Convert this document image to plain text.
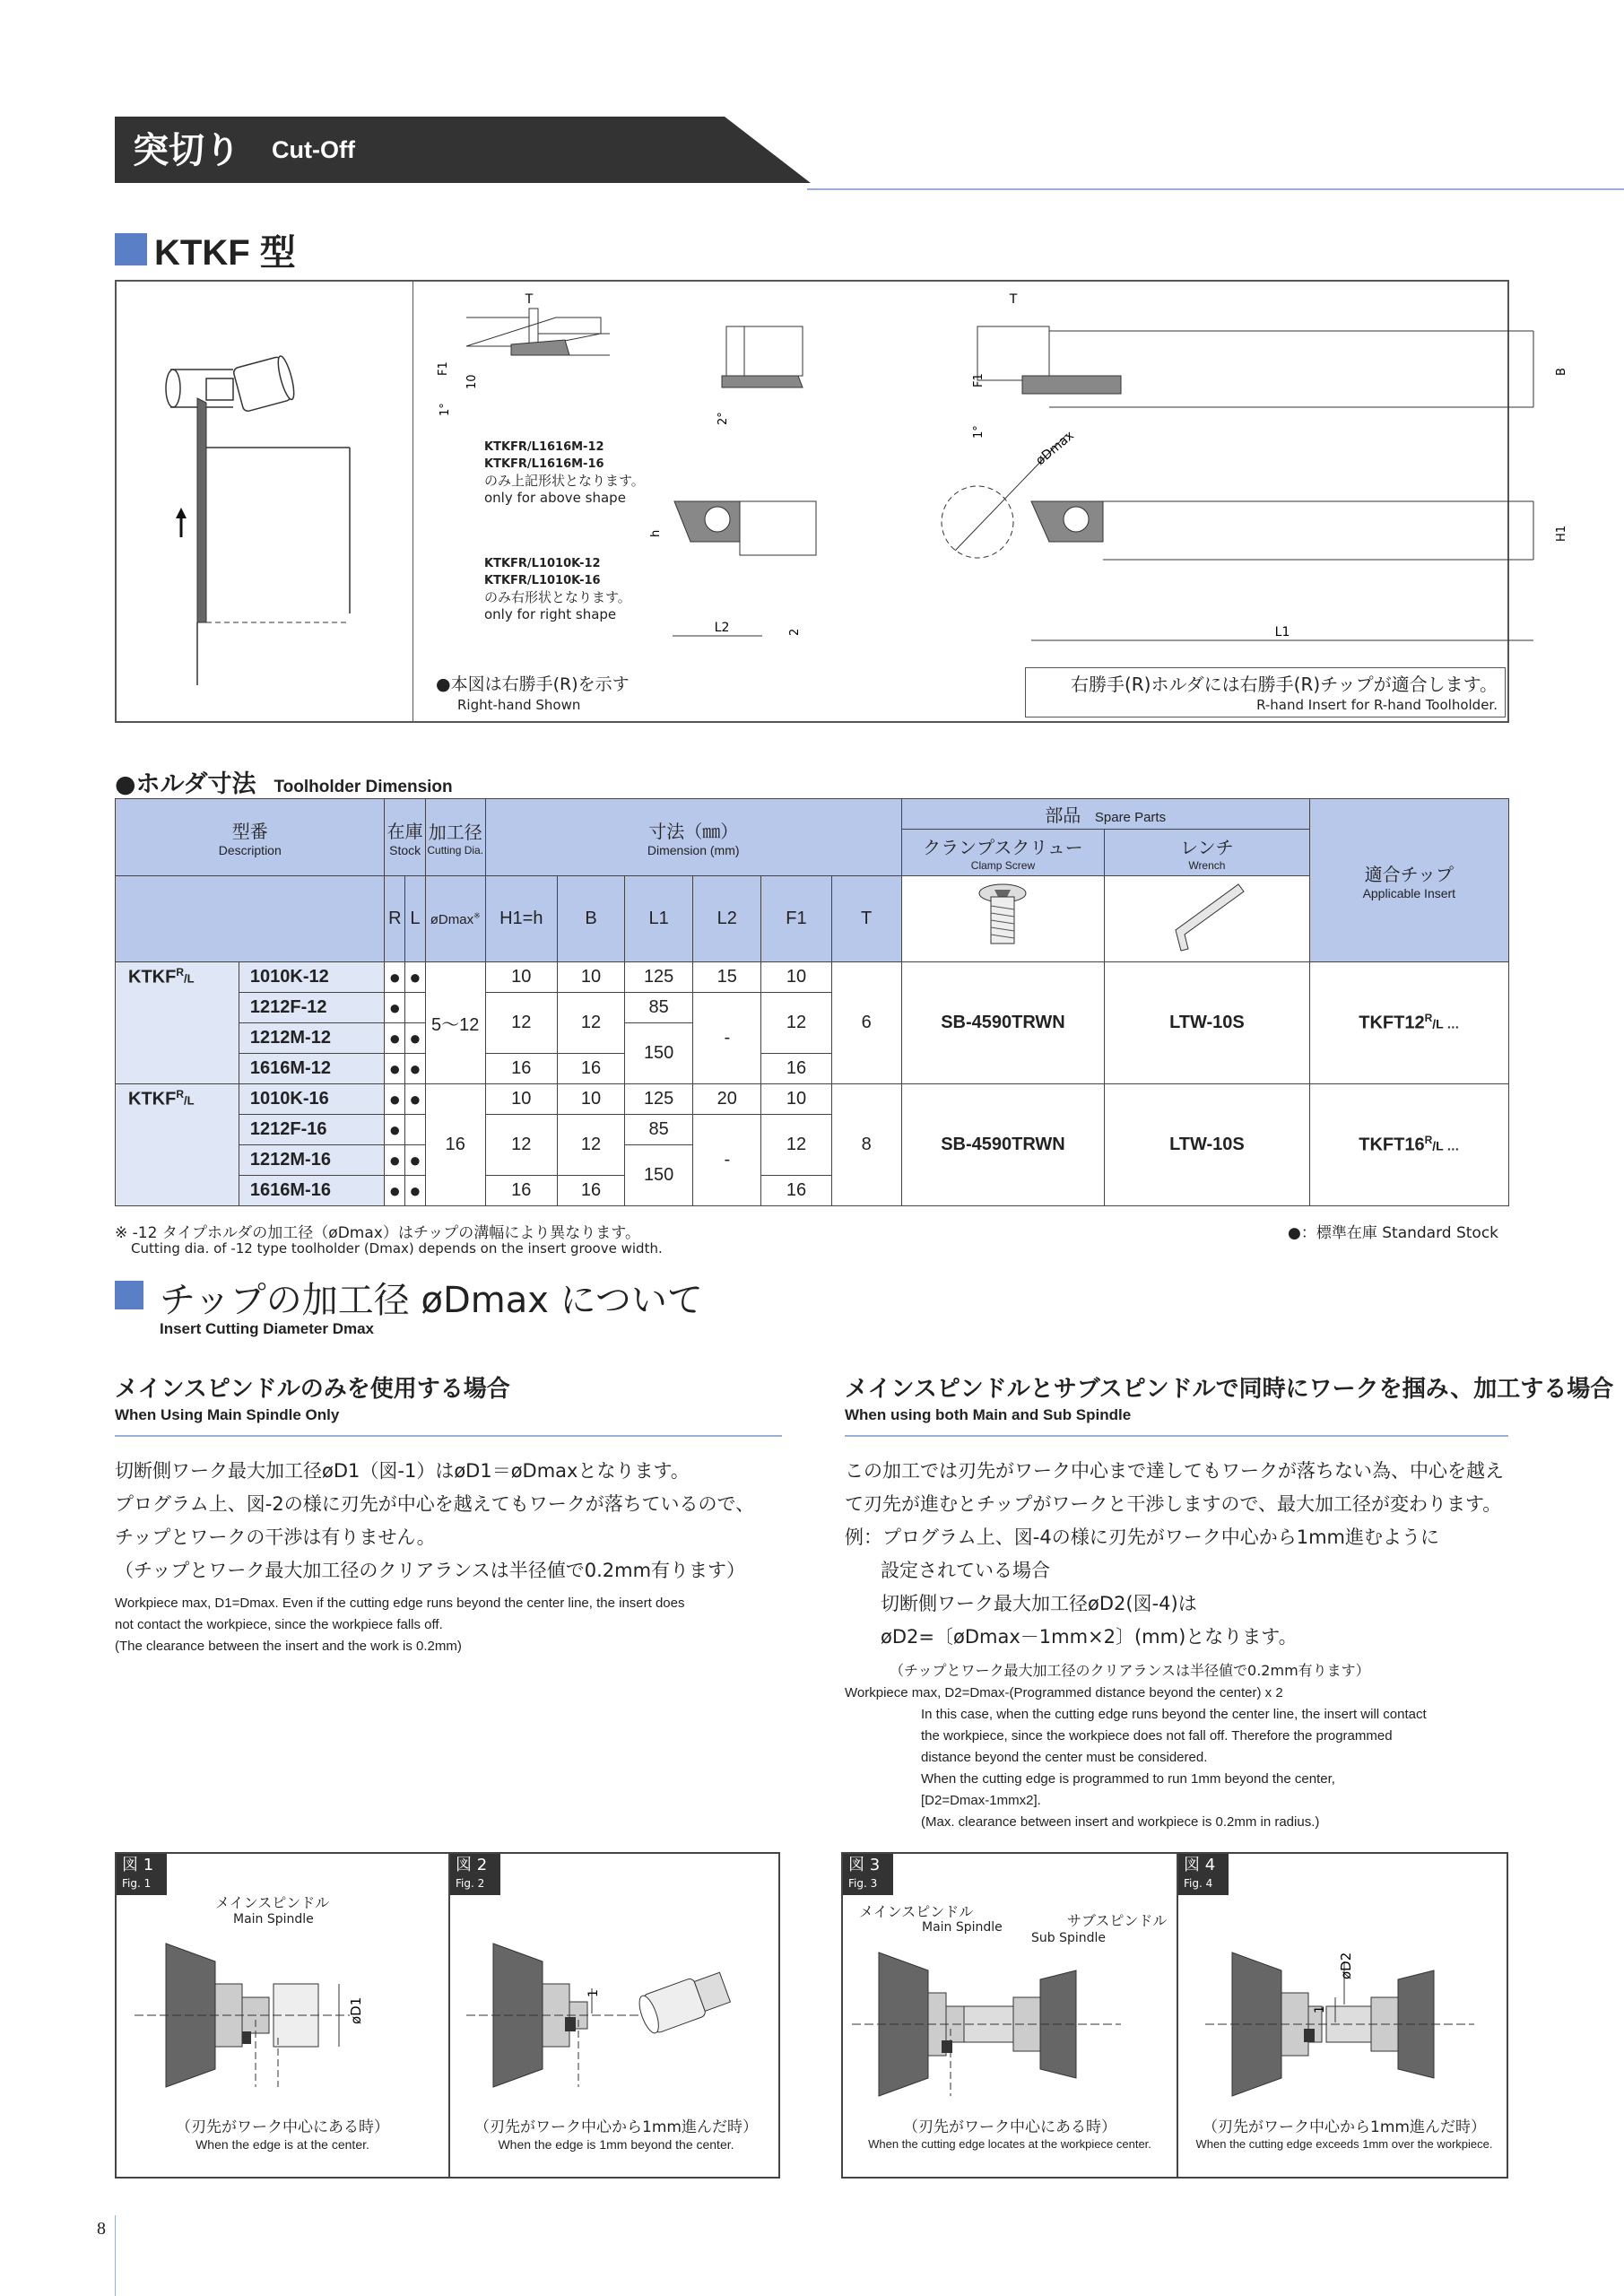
突切り Cut-Off
KTKF 型
T
F1
10
1°
2°
T
F1
1°
B
øDmax
L2
h
2	L1
H1
KTKFR/L1616M-12
KTKFR/L1616M-16
のみ上記形状となります。
only for above shape
KTKFR/L1010K-12
KTKFR/L1010K-16
のみ右形状となります。
only for right shape
●本図は右勝手(R)を示す
Right-hand Shown
右勝手(R)ホルダには右勝手(R)チップが適合します。
R-hand Insert for R-hand Toolholder.
●ホルダ寸法 Toolholder Dimension
型番
Description		在庫
Stock		加工径
Cutting Dia.	寸法（㎜）
Dimension (mm)						部品 Spare Parts		適合チップ
Applicable Insert

											クランプスクリュー
Clamp Screw	レンチ
Wrench	

		R	L	øDmax※	H1=h	B	L1	L2	F1	T		
$KTKF^R/L$	1010K-12	●	●	5〜12	10	10	125	15	10	6	SB-4590TRWN	LTW-10S	$TKFT12^R/L$ …
	1212F-12	●			12	12	85	-	12				
	1212M-12	●	●				150						
	1616M-12	●	●		16	16			16				
$KTKF^R/L$	1010K-16	●	●	16	10	10	125	20	10	8	SB-4590TRWN	LTW-10S	$TKFT16^R/L$ …
	1212F-16	●			12	12	85	-	12				
	1212M-16	●	●				150						
	1616M-16	●	●		16	16			16				
※ -12 タイプホルダの加工径（øDmax）はチップの溝幅により異なります。
Cutting dia. of -12 type toolholder (Dmax) depends on the insert groove width.
●：標準在庫 Standard Stock
チップの加工径 øDmax について
Insert Cutting Diameter Dmax
メインスピンドルのみを使用する場合
When Using Main Spindle Only
切断側ワーク最大加工径øD1（図-1）はøD1＝øDmaxとなります。
プログラム上、図-2の様に刃先が中心を越えてもワークが落ちているので、
チップとワークの干渉は有りません。
（チップとワーク最大加工径のクリアランスは半径値で0.2mm有ります）
Workpiece max, D1=Dmax. Even if the cutting edge runs beyond the center line, the insert does
not contact the workpiece, since the workpiece falls off.
(The clearance between the insert and the work is 0.2mm)
メインスピンドルとサブスピンドルで同時にワークを掴み、加工する場合
When using both Main and Sub Spindle
この加工では刃先がワーク中心まで達してもワークが落ちない為、中心を越え
て刃先が進むとチップがワークと干渉しますので、最大加工径が変わります。
例：プログラム上、図-4の様に刃先がワーク中心から1mm進むように
設定されている場合
切断側ワーク最大加工径øD2(図-4)は
øD2=〔øDmax－1mm×2〕(mm)となります。
（チップとワーク最大加工径のクリアランスは半径値で0.2mm有ります）
Workpiece max, D2=Dmax-(Programmed distance beyond the center) x 2
In this case, when the cutting edge runs beyond the center line, the insert will contact
the workpiece, since the workpiece does not fall off. Therefore the programmed
distance beyond the center must be considered.
When the cutting edge is programmed to run 1mm beyond the center,
[D2=Dmax-1mmx2].
(Max. clearance between insert and workpiece is 0.2mm in radius.)
図 1
Fig. 1
メインスピンドル
Main Spindle
øD1
（刃先がワーク中心にある時）
When the edge is at the center.
図 2
Fig. 2
1
（刃先がワーク中心から1mm進んだ時）
When the edge is 1mm beyond the center.
図 3
Fig. 3
メインスピンドル
Main Spindle	サブスピンドル
Sub Spindle
（刃先がワーク中心にある時）
When the cutting edge locates at the workpiece center.
図 4
Fig. 4
1
øD2
（刃先がワーク中心から1mm進んだ時）
When the cutting edge exceeds 1mm over the workpiece.
8
